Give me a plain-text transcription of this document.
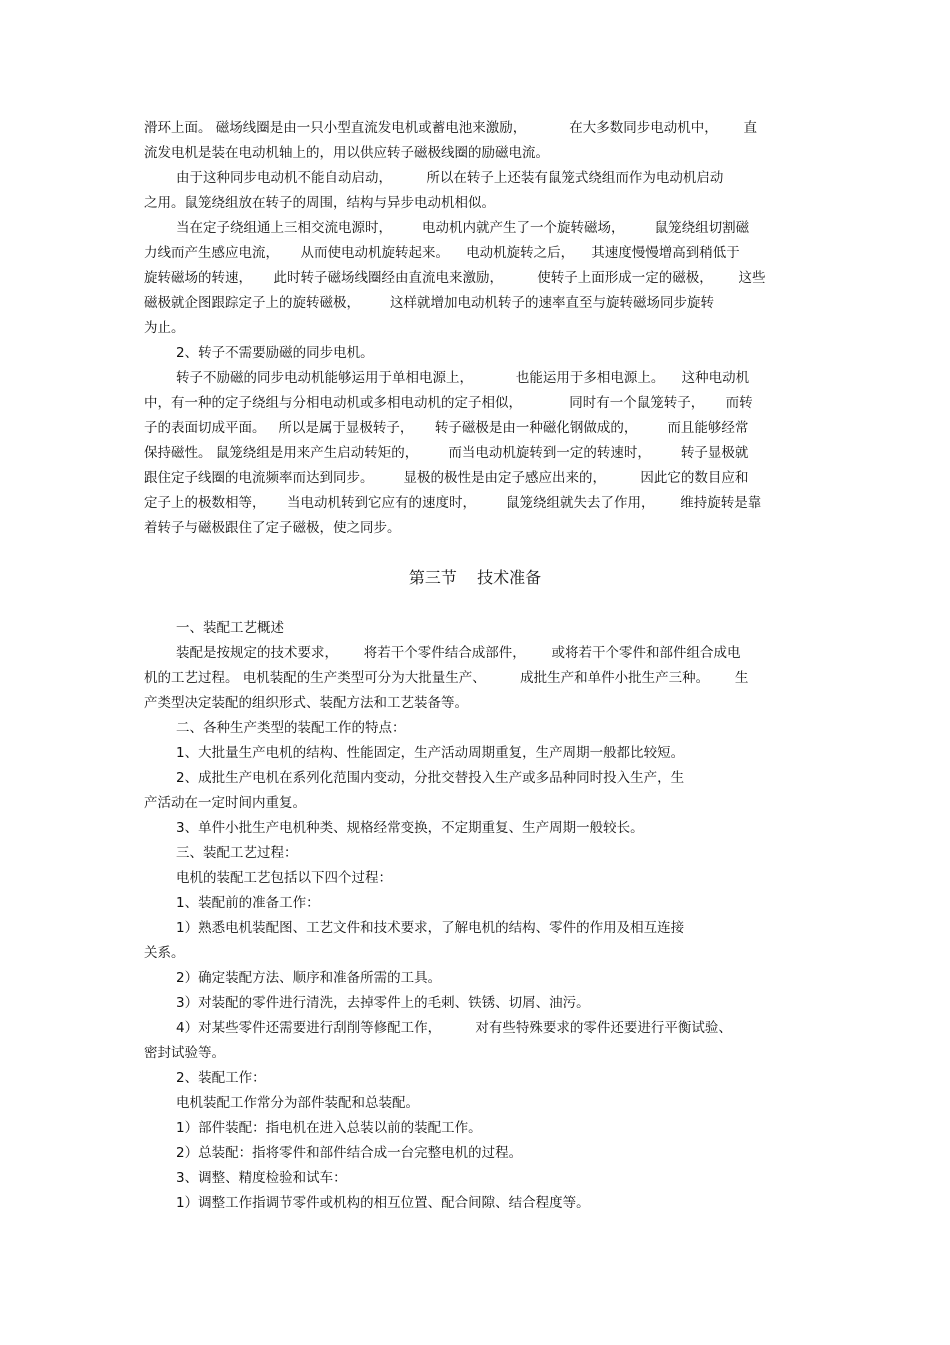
滑环上面。 磁场线圈是由一只小型直流发电机或蓄电池来激励，          在大多数同步电动机中，      直
流发电机是装在电动机轴上的，用以供应转子磁极线圈的励磁电流。
由于这种同步电动机不能自动启动，        所以在转子上还装有鼠笼式绕组而作为电动机启动
之用。鼠笼绕组放在转子的周围，结构与异步电动机相似。
当在定子绕组通上三相交流电源时，       电动机内就产生了一个旋转磁场，       鼠笼绕组切割磁
力线而产生感应电流，     从而使电动机旋转起来。    电动机旋转之后，    其速度慢慢增高到稍低于
旋转磁场的转速，     此时转子磁场线圈经由直流电来激励，        使转子上面形成一定的磁极，      这些
磁极就企图跟踪定子上的旋转磁极，       这样就增加电动机转子的速率直至与旋转磁场同步旋转
为止。
2、转子不需要励磁的同步电机。
转子不励磁的同步电动机能够运用于单相电源上，          也能运用于多相电源上。    这种电动机
中，有一种的定子绕组与分相电动机或多相电动机的定子相似，           同时有一个鼠笼转子，     而转
子的表面切成平面。   所以是属于显极转子，     转子磁极是由一种磁化钢做成的，       而且能够经常
保持磁性。 鼠笼绕组是用来产生启动转矩的，       而当电动机旋转到一定的转速时，       转子显极就
跟住定子线圈的电流频率而达到同步。       显极的极性是由定子感应出来的，        因此它的数目应和
定子上的极数相等，     当电动机转到它应有的速度时，       鼠笼绕组就失去了作用，      维持旋转是靠
着转子与磁极跟住了定子磁极，使之同步。
第三节    技术准备
一、装配工艺概述
装配是按规定的技术要求，      将若干个零件结合成部件，      或将若干个零件和部件组合成电
机的工艺过程。 电机装配的生产类型可分为大批量生产、        成批生产和单件小批生产三种。      生
产类型决定装配的组织形式、装配方法和工艺装备等。
二、各种生产类型的装配工作的特点：
1、大批量生产电机的结构、性能固定，生产活动周期重复，生产周期一般都比较短。
2、成批生产电机在系列化范围内变动，分批交替投入生产或多品种同时投入生产，生
产活动在一定时间内重复。
3、单件小批生产电机种类、规格经常变换，不定期重复、生产周期一般较长。
三、装配工艺过程：
电机的装配工艺包括以下四个过程：
1、装配前的准备工作：
1）熟悉电机装配图、工艺文件和技术要求，了解电机的结构、零件的作用及相互连接
关系。
2）确定装配方法、顺序和准备所需的工具。
3）对装配的零件进行清洗，去掉零件上的毛刺、铁锈、切屑、油污。
4）对某些零件还需要进行刮削等修配工作，        对有些特殊要求的零件还要进行平衡试验、
密封试验等。
2、装配工作：
电机装配工作常分为部件装配和总装配。
1）部件装配：指电机在进入总装以前的装配工作。
2）总装配：指将零件和部件结合成一台完整电机的过程。
3、调整、精度检验和试车：
1）调整工作指调节零件或机构的相互位置、配合间隙、结合程度等。
